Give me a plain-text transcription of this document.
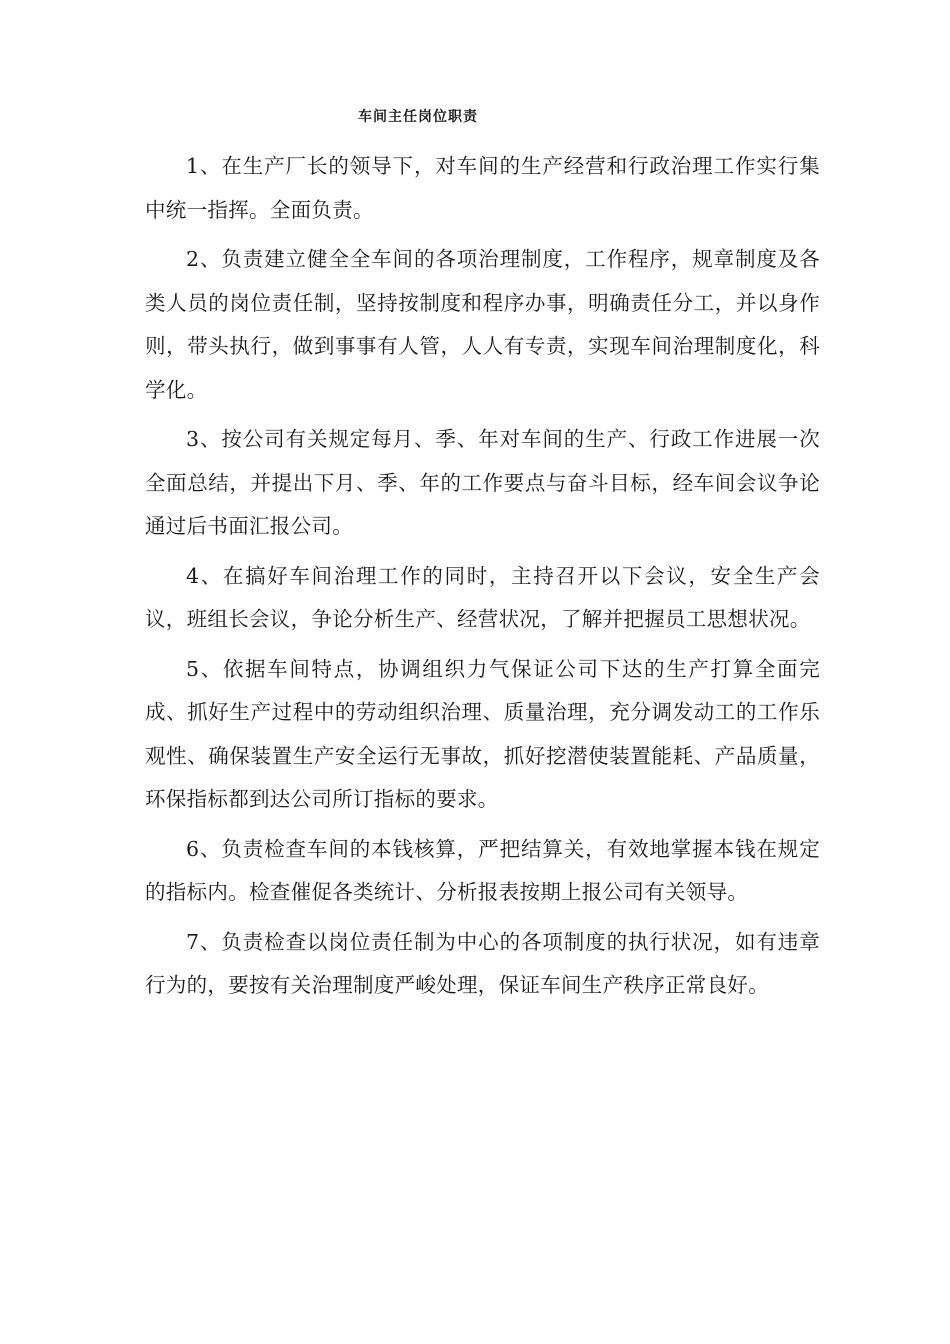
车间主任岗位职责

1、在生产厂长的领导下，对车间的生产经营和行政治理工作实行集中统一指挥。全面负责。

2、负责建立健全全车间的各项治理制度，工作程序，规章制度及各类人员的岗位责任制，坚持按制度和程序办事，明确责任分工，并以身作则，带头执行，做到事事有人管，人人有专责，实现车间治理制度化，科学化。

3、按公司有关规定每月、季、年对车间的生产、行政工作进展一次全面总结，并提出下月、季、年的工作要点与奋斗目标，经车间会议争论通过后书面汇报公司。

4、在搞好车间治理工作的同时，主持召开以下会议，安全生产会议，班组长会议，争论分析生产、经营状况，了解并把握员工思想状况。

5、依据车间特点，协调组织力气保证公司下达的生产打算全面完成、抓好生产过程中的劳动组织治理、质量治理，充分调发动工的工作乐观性、确保装置生产安全运行无事故，抓好挖潜使装置能耗、产品质量，环保指标都到达公司所订指标的要求。

6、负责检查车间的本钱核算，严把结算关，有效地掌握本钱在规定的指标内。检查催促各类统计、分析报表按期上报公司有关领导。

7、负责检查以岗位责任制为中心的各项制度的执行状况，如有违章行为的，要按有关治理制度严峻处理，保证车间生产秩序正常良好。
